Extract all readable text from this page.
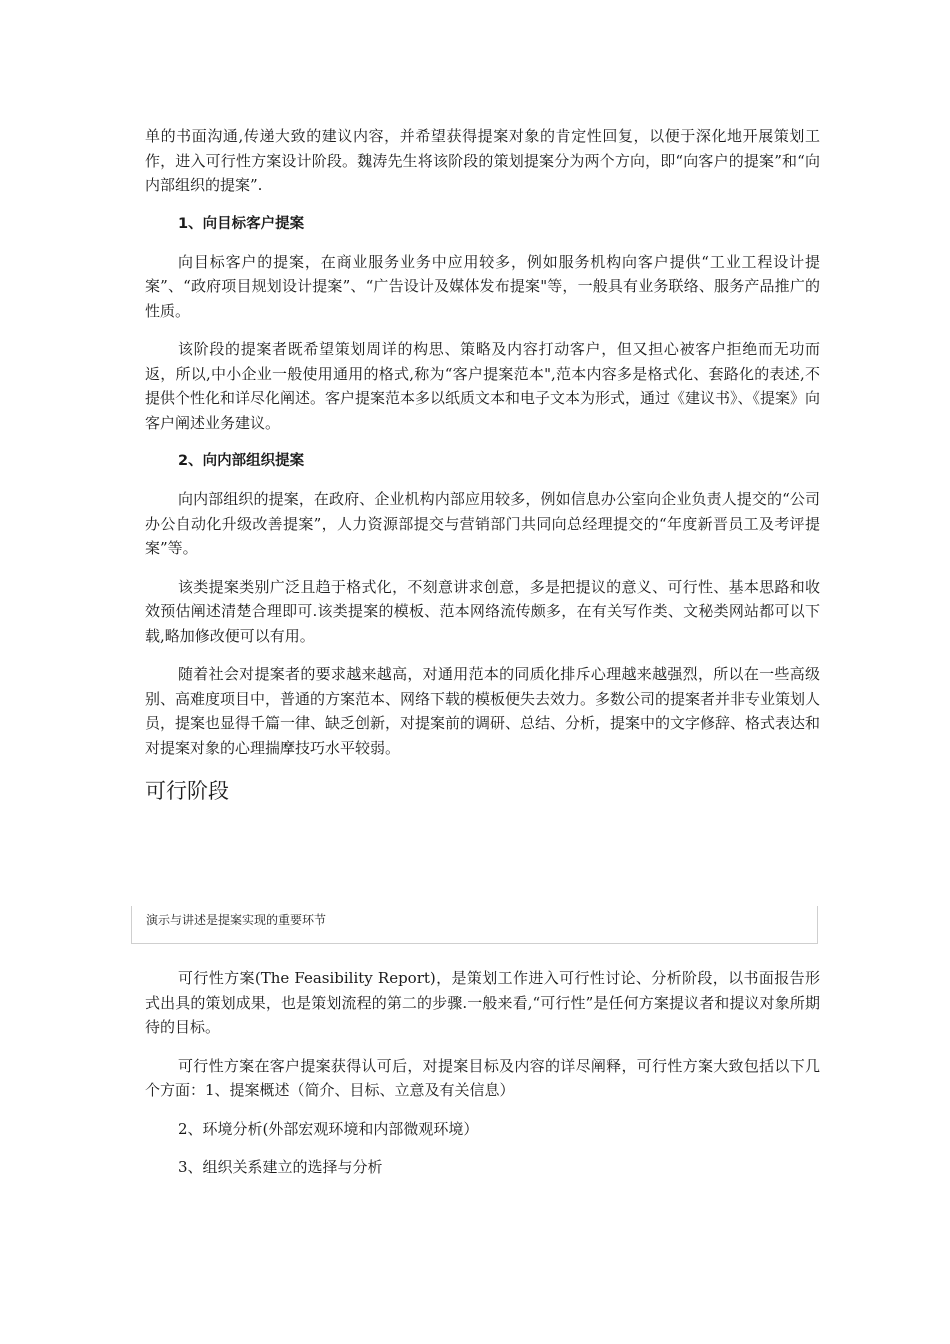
单的书面沟通,传递大致的建议内容，并希望获得提案对象的肯定性回复，以便于深化地开展策划工作，进入可行性方案设计阶段。魏涛先生将该阶段的策划提案分为两个方向，即“向客户的提案”和“向内部组织的提案”.

1、向目标客户提案

向目标客户的提案，在商业服务业务中应用较多，例如服务机构向客户提供“工业工程设计提案”、“政府项目规划设计提案”、“广告设计及媒体发布提案"等，一般具有业务联络、服务产品推广的性质。

该阶段的提案者既希望策划周详的构思、策略及内容打动客户，但又担心被客户拒绝而无功而返，所以,中小企业一般使用通用的格式,称为“客户提案范本",范本内容多是格式化、套路化的表述,不提供个性化和详尽化阐述。客户提案范本多以纸质文本和电子文本为形式，通过《建议书》、《提案》向客户阐述业务建议。

2、向内部组织提案

向内部组织的提案，在政府、企业机构内部应用较多，例如信息办公室向企业负责人提交的“公司办公自动化升级改善提案”，人力资源部提交与营销部门共同向总经理提交的“年度新晋员工及考评提案”等。

该类提案类别广泛且趋于格式化，不刻意讲求创意，多是把提议的意义、可行性、基本思路和收效预估阐述清楚合理即可.该类提案的模板、范本网络流传颇多，在有关写作类、文秘类网站都可以下载,略加修改便可以有用。

随着社会对提案者的要求越来越高，对通用范本的同质化排斥心理越来越强烈，所以在一些高级别、高难度项目中，普通的方案范本、网络下载的模板便失去效力。多数公司的提案者并非专业策划人员，提案也显得千篇一律、缺乏创新，对提案前的调研、总结、分析，提案中的文字修辞、格式表达和对提案对象的心理揣摩技巧水平较弱。

可行阶段
演示与讲述是提案实现的重要环节

可行性方案(The Feasibility Report)，是策划工作进入可行性讨论、分析阶段，以书面报告形式出具的策划成果，也是策划流程的第二的步骤.一般来看,“可行性”是任何方案提议者和提议对象所期待的目标。

可行性方案在客户提案获得认可后，对提案目标及内容的详尽阐释，可行性方案大致包括以下几个方面：1、提案概述（简介、目标、立意及有关信息）

2、环境分析(外部宏观环境和内部微观环境）

3、组织关系建立的选择与分析
